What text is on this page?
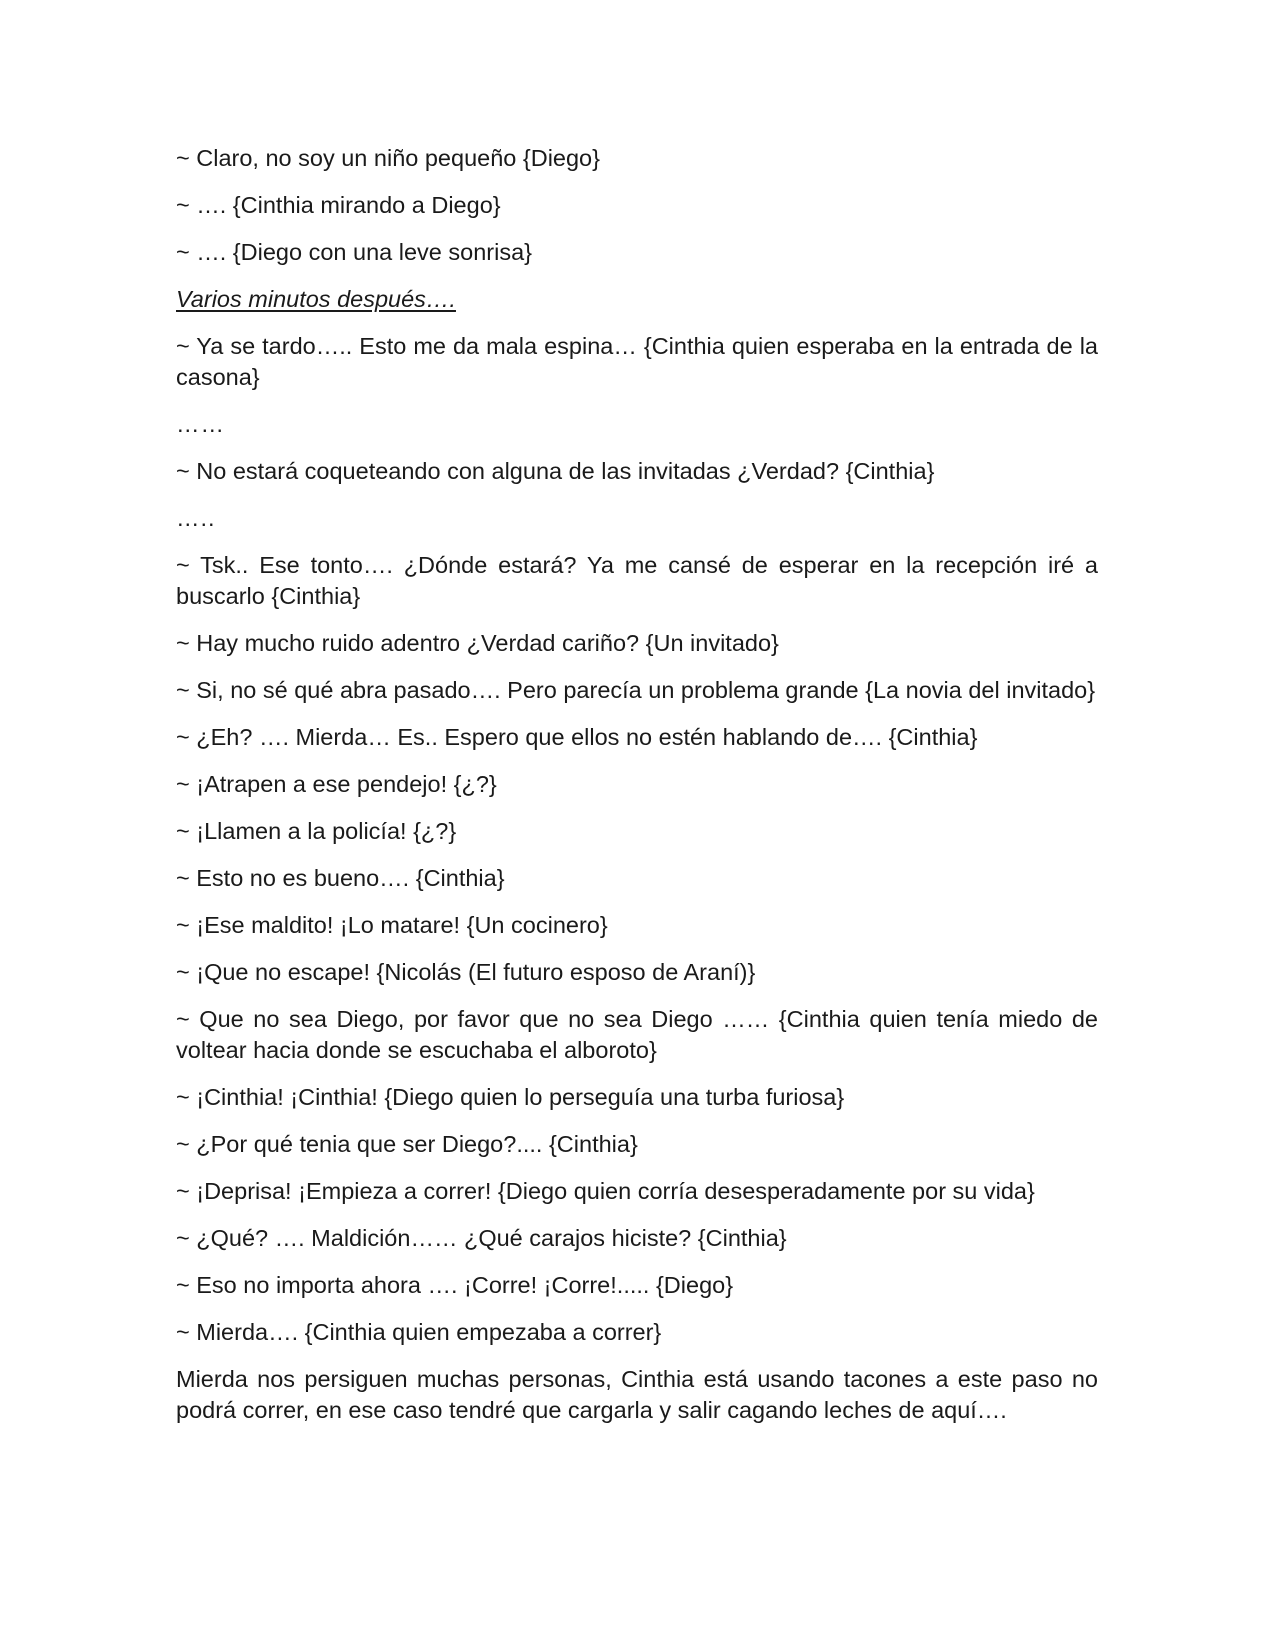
~ Claro, no soy un niño pequeño {Diego}

~ …. {Cinthia mirando a Diego}

~ …. {Diego con una leve sonrisa}

Varios minutos después….

~ Ya se tardo….. Esto me da mala espina… {Cinthia quien esperaba en la entrada de la casona}

……

~ No estará coqueteando con alguna de las invitadas ¿Verdad? {Cinthia}

…..

~ Tsk.. Ese tonto…. ¿Dónde estará? Ya me cansé de esperar en la recepción iré a buscarlo {Cinthia}

~ Hay mucho ruido adentro ¿Verdad cariño? {Un invitado}

~ Si, no sé qué abra pasado…. Pero parecía un problema grande {La novia del invitado}

~ ¿Eh? …. Mierda… Es.. Espero que ellos no estén hablando de…. {Cinthia}

~ ¡Atrapen a ese pendejo! {¿?}

~ ¡Llamen a la policía! {¿?}

~ Esto no es bueno…. {Cinthia}

~ ¡Ese maldito! ¡Lo matare! {Un cocinero}

~ ¡Que no escape! {Nicolás (El futuro esposo de Araní)}

~ Que no sea Diego, por favor que no sea Diego …… {Cinthia quien tenía miedo de voltear hacia donde se escuchaba el alboroto}

~ ¡Cinthia! ¡Cinthia! {Diego quien lo perseguía una turba furiosa}

~ ¿Por qué tenia que ser Diego?.... {Cinthia}

~ ¡Deprisa! ¡Empieza a correr! {Diego quien corría desesperadamente por su vida}

~ ¿Qué? …. Maldición…… ¿Qué carajos hiciste? {Cinthia}

~ Eso no importa ahora …. ¡Corre! ¡Corre!..... {Diego}

~ Mierda…. {Cinthia quien empezaba a correr}

Mierda nos persiguen muchas personas, Cinthia está usando tacones a este paso no podrá correr, en ese caso tendré que cargarla y salir cagando leches de aquí….
